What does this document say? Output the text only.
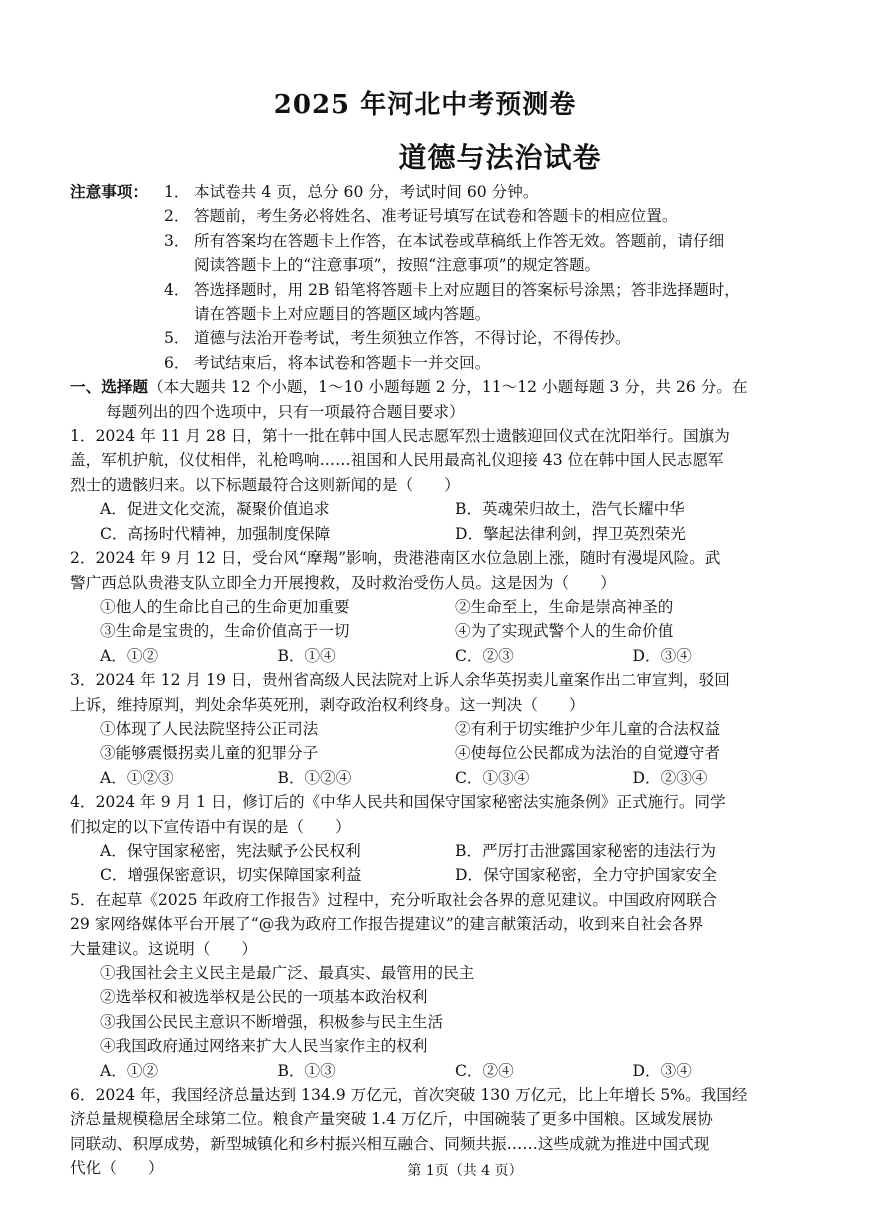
2025 年河北中考预测卷
道德与法治试卷
注意事项：	1． 本试卷共 4 页，总分 60 分，考试时间 60 分钟。
2． 答题前，考生务必将姓名、准考证号填写在试卷和答题卡的相应位置。
3． 所有答案均在答题卡上作答，在本试卷或草稿纸上作答无效。答题前，请仔细
阅读答题卡上的“注意事项”，按照“注意事项”的规定答题。
4． 答选择题时，用 2B 铅笔将答题卡上对应题目的答案标号涂黑；答非选择题时，
请在答题卡上对应题目的答题区域内答题。
5． 道德与法治开卷考试，考生须独立作答，不得讨论，不得传抄。
6． 考试结束后，将本试卷和答题卡一并交回。
一、选择题（本大题共 12 个小题，1～10 小题每题 2 分，11～12 小题每题 3 分，共 26 分。在
每题列出的四个选项中，只有一项最符合题目要求）
1．2024 年 11 月 28 日，第十一批在韩中国人民志愿军烈士遗骸迎回仪式在沈阳举行。国旗为
盖，军机护航，仪仗相伴，礼枪鸣响……祖国和人民用最高礼仪迎接 43 位在韩中国人民志愿军
烈士的遗骸归来。以下标题最符合这则新闻的是（　　）
A．促进文化交流，凝聚价值追求	B．英魂荣归故土，浩气长耀中华
C．高扬时代精神，加强制度保障	D．擎起法律利剑，捍卫英烈荣光
2．2024 年 9 月 12 日，受台风“摩羯”影响，贵港港南区水位急剧上涨，随时有漫堤风险。武
警广西总队贵港支队立即全力开展搜救，及时救治受伤人员。这是因为（　　）
①他人的生命比自己的生命更加重要	②生命至上，生命是崇高神圣的
③生命是宝贵的，生命价值高于一切	④为了实现武警个人的生命价值
A．①②	B．①④	C．②③	D．③④
3．2024 年 12 月 19 日，贵州省高级人民法院对上诉人余华英拐卖儿童案作出二审宣判，驳回
上诉，维持原判，判处余华英死刑，剥夺政治权利终身。这一判决（　　）
①体现了人民法院坚持公正司法	②有利于切实维护少年儿童的合法权益
③能够震慑拐卖儿童的犯罪分子	④使每位公民都成为法治的自觉遵守者
A．①②③	B．①②④	C．①③④	D．②③④
4．2024 年 9 月 1 日，修订后的《中华人民共和国保守国家秘密法实施条例》正式施行。同学
们拟定的以下宣传语中有误的是（　　）
A．保守国家秘密，宪法赋予公民权利	B．严厉打击泄露国家秘密的违法行为
C．增强保密意识，切实保障国家利益	D．保守国家秘密，全力守护国家安全
5．在起草《2025 年政府工作报告》过程中，充分听取社会各界的意见建议。中国政府网联合
29 家网络媒体平台开展了“@我为政府工作报告提建议”的建言献策活动，收到来自社会各界
大量建议。这说明（　　）
①我国社会主义民主是最广泛、最真实、最管用的民主
②选举权和被选举权是公民的一项基本政治权利
③我国公民民主意识不断增强，积极参与民主生活
④我国政府通过网络来扩大人民当家作主的权利
A．①②	B．①③	C．②④	D．③④
6．2024 年，我国经济总量达到 134.9 万亿元，首次突破 130 万亿元，比上年增长 5%。我国经
济总量规模稳居全球第二位。粮食产量突破 1.4 万亿斤，中国碗装了更多中国粮。区域发展协
同联动、积厚成势，新型城镇化和乡村振兴相互融合、同频共振……这些成就为推进中国式现
代化（　　）	第 1页（共 4 页）
